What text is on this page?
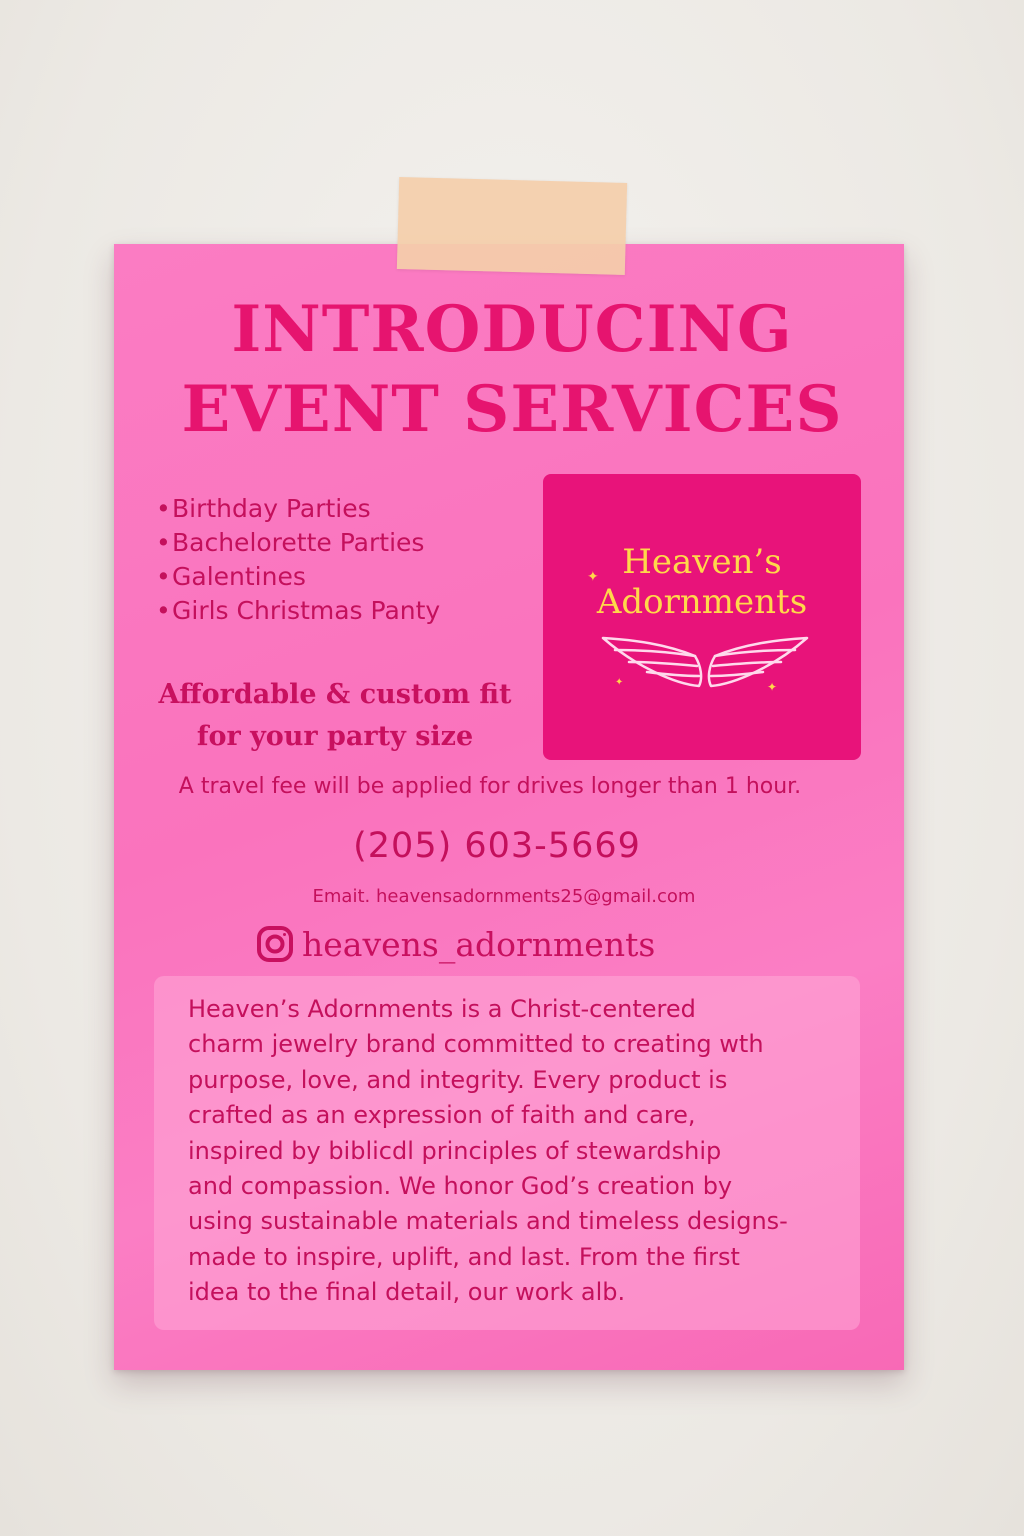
INTRODUCING
EVENT SERVICES
•Birthday Parties
•Bachelorette Parties
•Galentines
•Girls Christmas Panty
Affordable & custom fit
for your party size
Heaven’s
Adornments
✦
✦	✦
A travel fee will be applied for drives longer than 1 hour.
(205) 603-5669
Emait. heavensadornments25@gmail.com
heavens_adornments
Heaven’s Adornments is a Christ-centered
charm jewelry brand committed to creating wth
purpose, love, and integrity. Every product is
crafted as an expression of faith and care,
inspired by biblicdl principles of stewardship
and compassion. We honor God’s creation by
using sustainable materials and timeless designs-
made to inspire, uplift, and last. From the first
idea to the final detail, our work alb.
